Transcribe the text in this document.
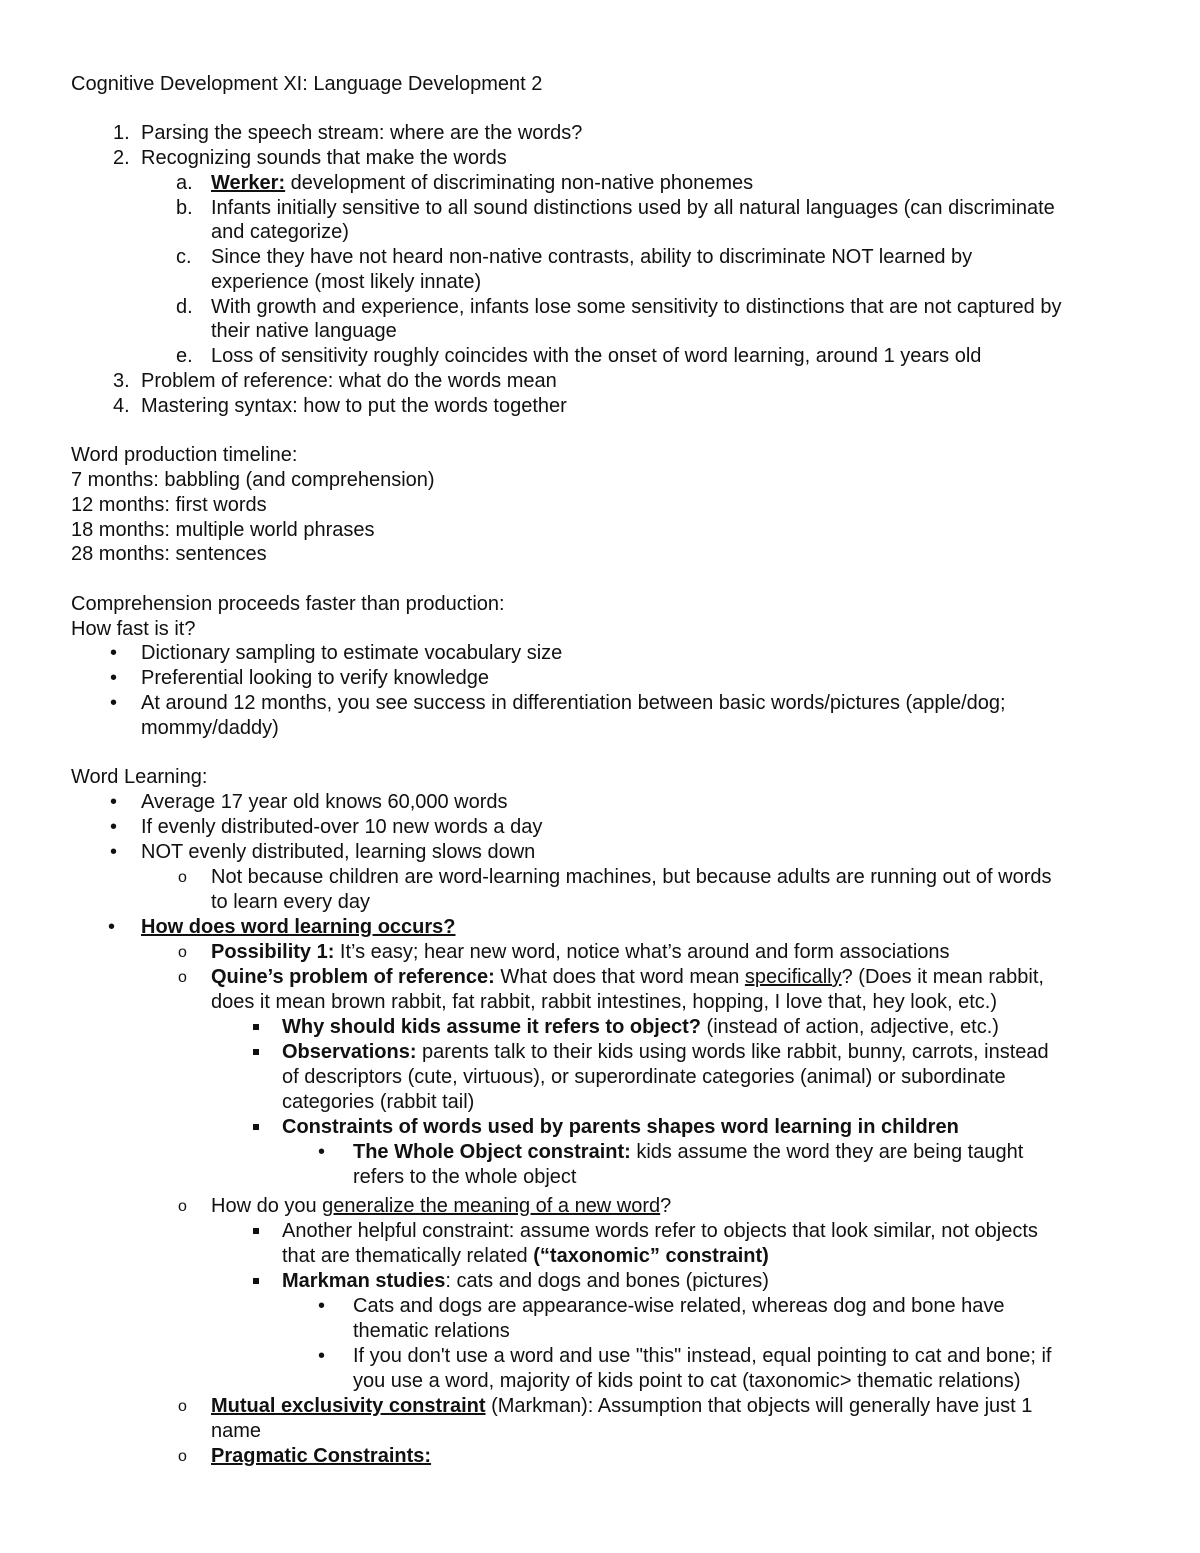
Cognitive Development XI: Language Development 2
1. Parsing the speech stream: where are the words?
2. Recognizing sounds that make the words
a. Werker: development of discriminating non-native phonemes
b. Infants initially sensitive to all sound distinctions used by all natural languages (can discriminate
and categorize)
c. Since they have not heard non-native contrasts, ability to discriminate NOT learned by
experience (most likely innate)
d. With growth and experience, infants lose some sensitivity to distinctions that are not captured by
their native language
e. Loss of sensitivity roughly coincides with the onset of word learning, around 1 years old
3. Problem of reference: what do the words mean
4. Mastering syntax: how to put the words together
Word production timeline:
7 months: babbling (and comprehension)
12 months: first words
18 months: multiple world phrases
28 months: sentences
Comprehension proceeds faster than production:
How fast is it?
• Dictionary sampling to estimate vocabulary size
• Preferential looking to verify knowledge
• At around 12 months, you see success in differentiation between basic words/pictures (apple/dog;
mommy/daddy)
Word Learning:
• Average 17 year old knows 60,000 words
• If evenly distributed-over 10 new words a day
• NOT evenly distributed, learning slows down
o Not because children are word-learning machines, but because adults are running out of words
to learn every day
• How does word learning occurs?
o Possibility 1: It’s easy; hear new word, notice what’s around and form associations
o Quine’s problem of reference: What does that word mean specifically? (Does it mean rabbit,
does it mean brown rabbit, fat rabbit, rabbit intestines, hopping, I love that, hey look, etc.)
Why should kids assume it refers to object? (instead of action, adjective, etc.)
Observations: parents talk to their kids using words like rabbit, bunny, carrots, instead
of descriptors (cute, virtuous), or superordinate categories (animal) or subordinate
categories (rabbit tail)
Constraints of words used by parents shapes word learning in children
• The Whole Object constraint: kids assume the word they are being taught
refers to the whole object
o How do you generalize the meaning of a new word?
Another helpful constraint: assume words refer to objects that look similar, not objects
that are thematically related (“taxonomic” constraint)
Markman studies: cats and dogs and bones (pictures)
• Cats and dogs are appearance-wise related, whereas dog and bone have
thematic relations
• If you don't use a word and use "this" instead, equal pointing to cat and bone; if
you use a word, majority of kids point to cat (taxonomic> thematic relations)
o Mutual exclusivity constraint (Markman): Assumption that objects will generally have just 1
name
o Pragmatic Constraints:
